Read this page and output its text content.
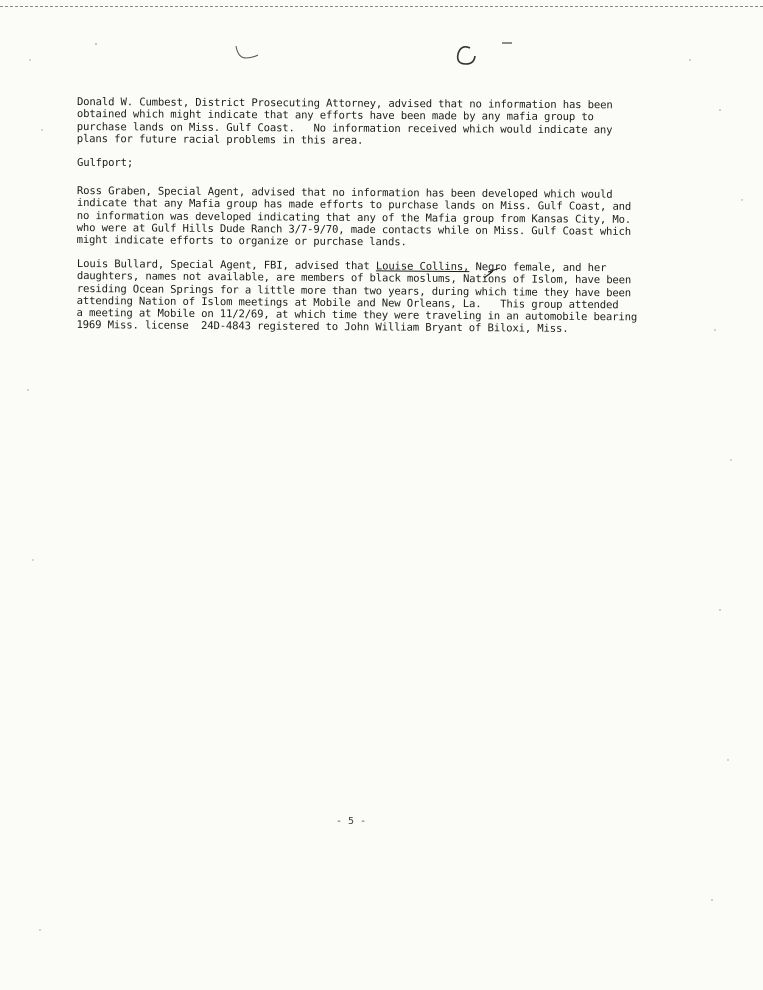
Donald W. Cumbest, District Prosecuting Attorney, advised that no information has been
obtained which might indicate that any efforts have been made by any mafia group to
purchase lands on Miss. Gulf Coast.   No information received which would indicate any
plans for future racial problems in this area.
Gulfport;
Ross Graben, Special Agent, advised that no information has been developed which would
indicate that any Mafia group has made efforts to purchase lands on Miss. Gulf Coast, and
no information was developed indicating that any of the Mafia group from Kansas City, Mo.
who were at Gulf Hills Dude Ranch 3/7-9/70, made contacts while on Miss. Gulf Coast which
might indicate efforts to organize or purchase lands.
Louis Bullard, Special Agent, FBI, advised that Louise Collins, Negro female, and her
daughters, names not available, are members of black moslums, Nations of Islom, have been
residing Ocean Springs for a little more than two years, during which time they have been
attending Nation of Islom meetings at Mobile and New Orleans, La.   This group attended
a meeting at Mobile on 11/2/69, at which time they were traveling in an automobile bearing
1969 Miss. license  24D-4843 registered to John William Bryant of Biloxi, Miss.
- 5 -
